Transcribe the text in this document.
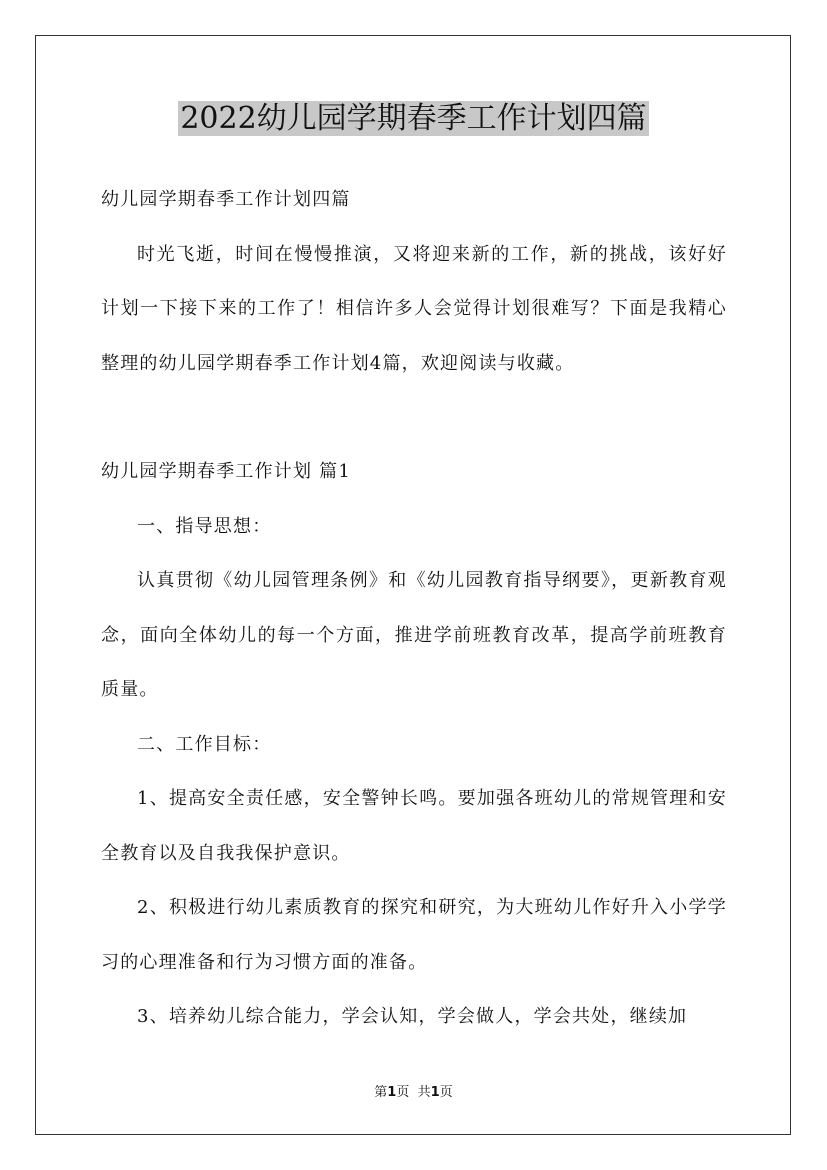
2022幼儿园学期春季工作计划四篇

幼儿园学期春季工作计划四篇

时光飞逝，时间在慢慢推演，又将迎来新的工作，新的挑战，该好好计划一下接下来的工作了！相信许多人会觉得计划很难写？下面是我精心整理的幼儿园学期春季工作计划4篇，欢迎阅读与收藏。

幼儿园学期春季工作计划 篇1

一、指导思想：

认真贯彻《幼儿园管理条例》和《幼儿园教育指导纲要》，更新教育观念，面向全体幼儿的每一个方面，推进学前班教育改革，提高学前班教育质量。

二、工作目标：

1、提高安全责任感，安全警钟长鸣。要加强各班幼儿的常规管理和安全教育以及自我我保护意识。

2、积极进行幼儿素质教育的探究和研究，为大班幼儿作好升入小学学习的心理准备和行为习惯方面的准备。

3、培养幼儿综合能力，学会认知，学会做人，学会共处，继续加

第1页 共1页
